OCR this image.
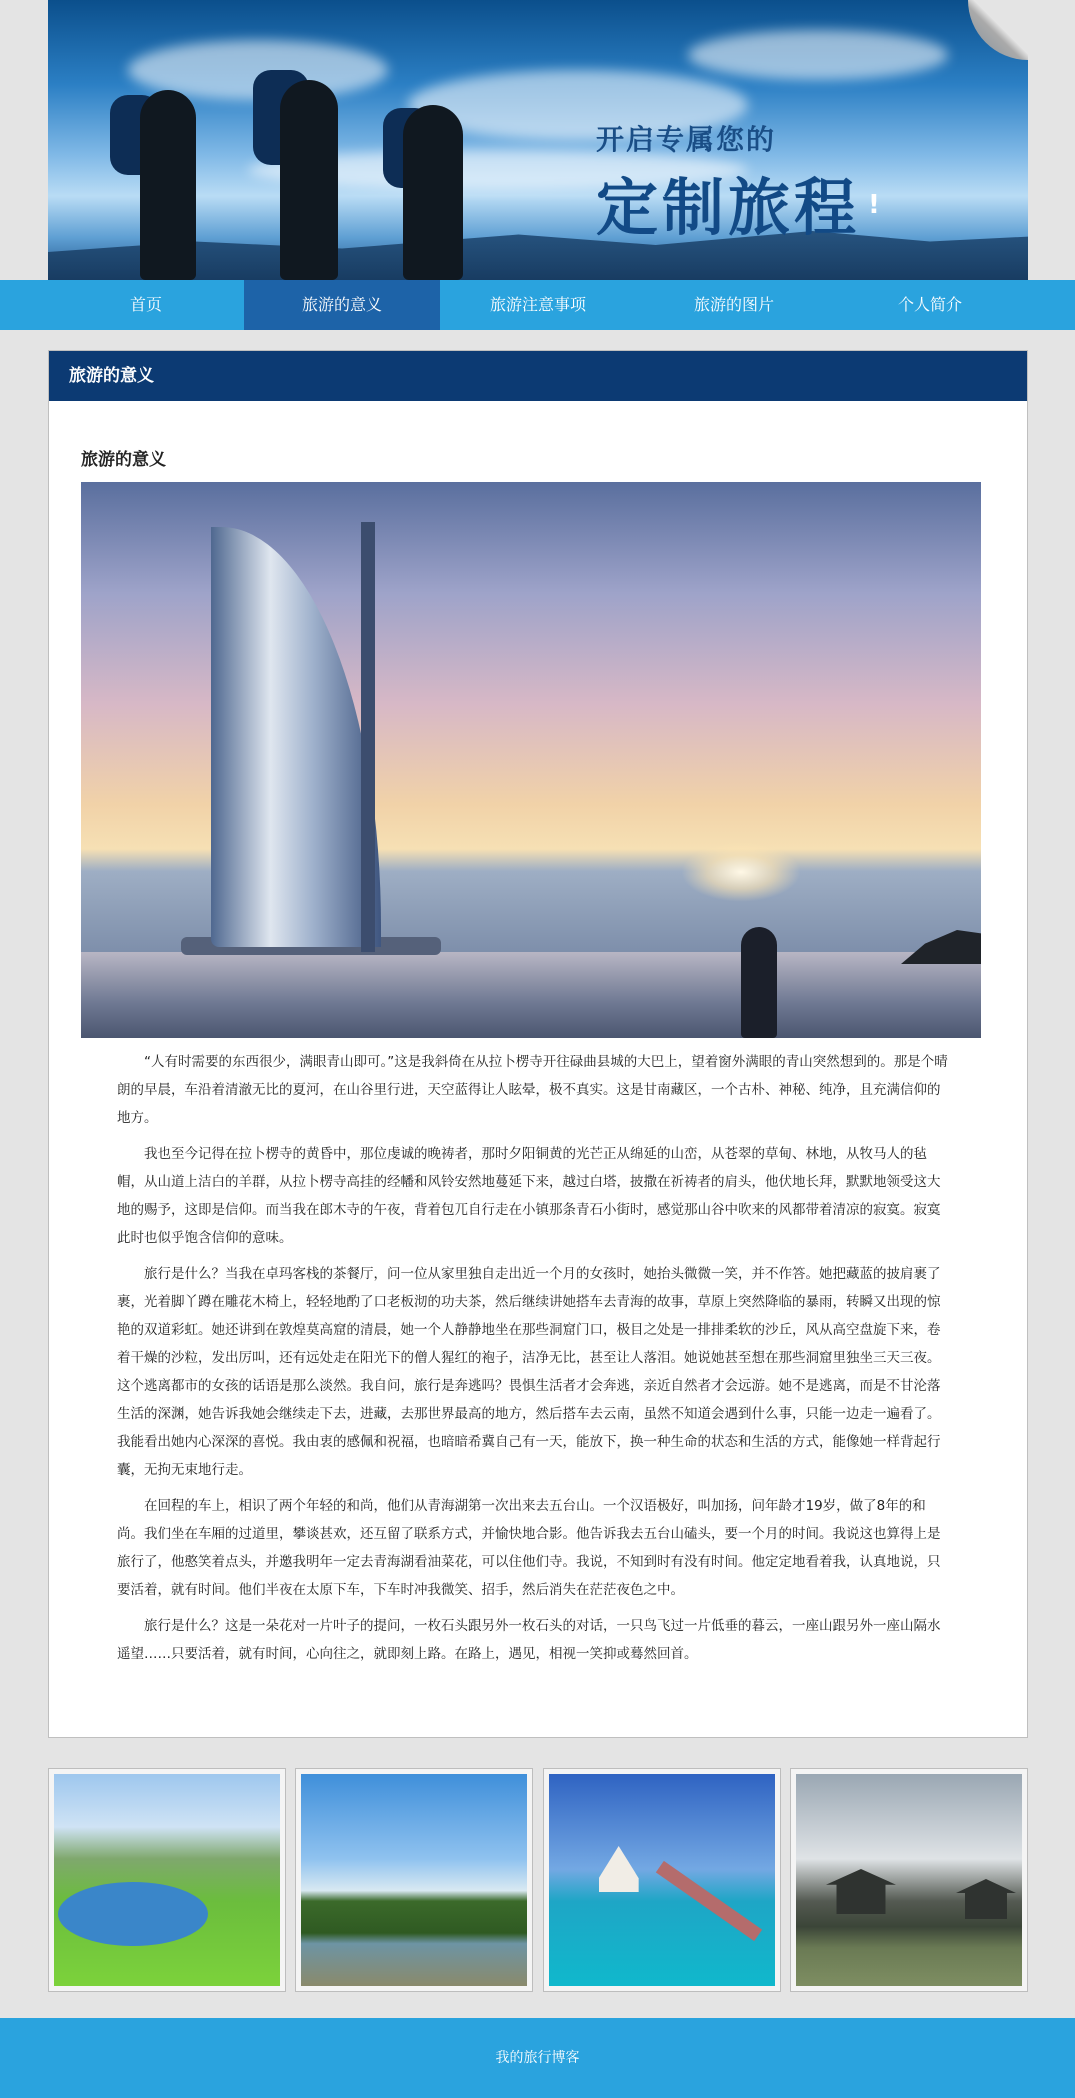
开启专属您的
定制旅程 !
首页	旅游的意义	旅游注意事项	旅游的图片	个人简介
旅游的意义
旅游的意义

“人有时需要的东西很少，满眼青山即可。”这是我斜倚在从拉卜楞寺开往碌曲县城的大巴上，望着窗外满眼的青山突然想到的。那是个晴朗的早晨，车沿着清澈无比的夏河，在山谷里行进，天空蓝得让人眩晕，极不真实。这是甘南藏区，一个古朴、神秘、纯净，且充满信仰的地方。

我也至今记得在拉卜楞寺的黄昏中，那位虔诚的晚祷者，那时夕阳铜黄的光芒正从绵延的山峦，从苍翠的草甸、林地，从牧马人的毡帽，从山道上洁白的羊群，从拉卜楞寺高挂的经幡和风铃安然地蔓延下来，越过白塔，披撒在祈祷者的肩头，他伏地长拜，默默地领受这大地的赐予，这即是信仰。而当我在郎木寺的午夜，背着包兀自行走在小镇那条青石小街时，感觉那山谷中吹来的风都带着清凉的寂寞。寂寞此时也似乎饱含信仰的意味。

旅行是什么？当我在卓玛客栈的茶餐厅，问一位从家里独自走出近一个月的女孩时，她抬头微微一笑，并不作答。她把藏蓝的披肩裹了裹，光着脚丫蹲在雕花木椅上，轻轻地酌了口老板沏的功夫茶，然后继续讲她搭车去青海的故事，草原上突然降临的暴雨，转瞬又出现的惊艳的双道彩虹。她还讲到在敦煌莫高窟的清晨，她一个人静静地坐在那些洞窟门口，极目之处是一排排柔软的沙丘，风从高空盘旋下来，卷着干燥的沙粒，发出厉叫，还有远处走在阳光下的僧人猩红的袍子，洁净无比，甚至让人落泪。她说她甚至想在那些洞窟里独坐三天三夜。这个逃离都市的女孩的话语是那么淡然。我自问，旅行是奔逃吗？畏惧生活者才会奔逃，亲近自然者才会远游。她不是逃离，而是不甘沦落生活的深渊，她告诉我她会继续走下去，进藏，去那世界最高的地方，然后搭车去云南，虽然不知道会遇到什么事，只能一边走一遍看了。我能看出她内心深深的喜悦。我由衷的感佩和祝福，也暗暗希冀自己有一天，能放下，换一种生命的状态和生活的方式，能像她一样背起行囊，无拘无束地行走。

在回程的车上，相识了两个年轻的和尚，他们从青海湖第一次出来去五台山。一个汉语极好，叫加扬，问年龄才19岁，做了8年的和尚。我们坐在车厢的过道里，攀谈甚欢，还互留了联系方式，并愉快地合影。他告诉我去五台山磕头，要一个月的时间。我说这也算得上是旅行了，他憨笑着点头，并邀我明年一定去青海湖看油菜花，可以住他们寺。我说，不知到时有没有时间。他定定地看着我，认真地说，只要活着，就有时间。他们半夜在太原下车，下车时冲我微笑、招手，然后消失在茫茫夜色之中。

旅行是什么？这是一朵花对一片叶子的提问，一枚石头跟另外一枚石头的对话，一只鸟飞过一片低垂的暮云，一座山跟另外一座山隔水遥望……只要活着，就有时间，心向往之，就即刻上路。在路上，遇见，相视一笑抑或蓦然回首。

我的旅行博客
